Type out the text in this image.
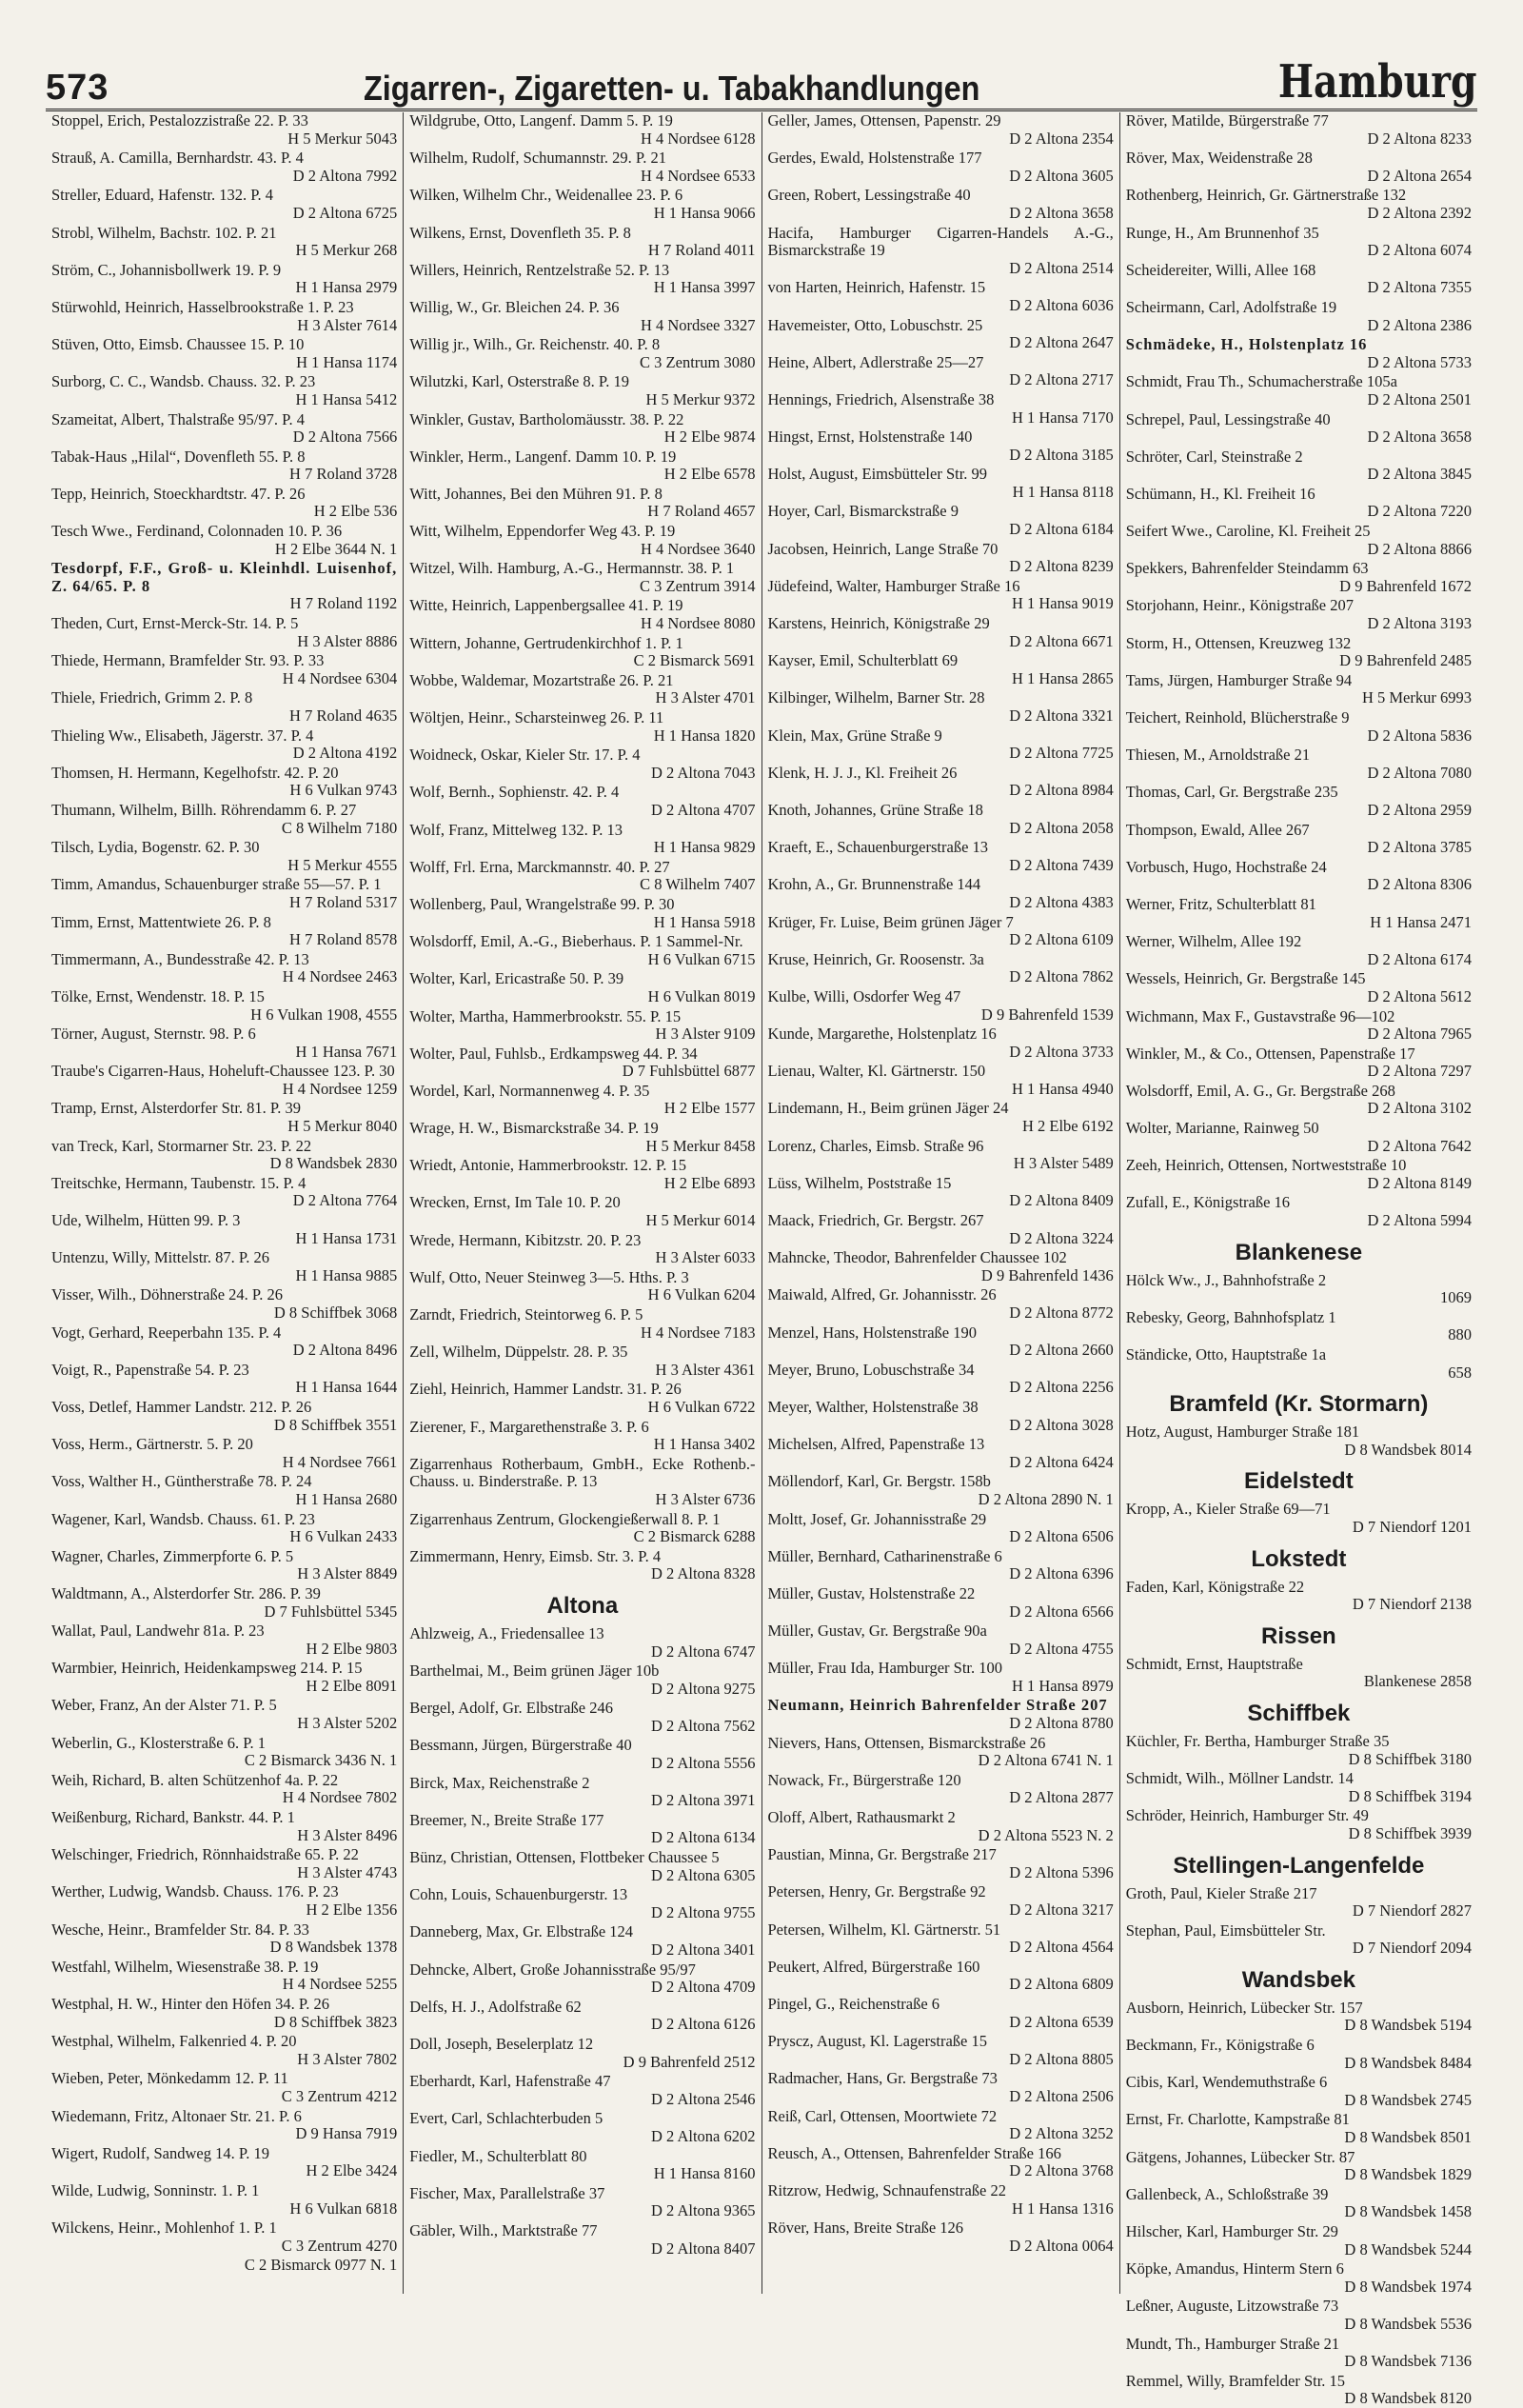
573	Zigarren-, Zigaretten- u. Tabakhandlungen	Hamburg
Stoppel, Erich, Pestalozzistraße 22. P. 33
H 5 Merkur 5043
Strauß, A. Camilla, Bernhardstr. 43. P. 4
D 2 Altona 7992
Streller, Eduard, Hafenstr. 132. P. 4
D 2 Altona 6725
Strobl, Wilhelm, Bachstr. 102. P. 21
H 5 Merkur 268
Ström, C., Johannisbollwerk 19. P. 9
H 1 Hansa 2979
Stürwohld, Heinrich, Hasselbrookstraße 1. P. 23
H 3 Alster 7614
Stüven, Otto, Eimsb. Chaussee 15. P. 10
H 1 Hansa 1174
Surborg, C. C., Wandsb. Chauss. 32. P. 23
H 1 Hansa 5412
Szameitat, Albert, Thalstraße 95/97. P. 4
D 2 Altona 7566
Tabak-Haus „Hilal“, Dovenfleth 55. P. 8
H 7 Roland 3728
Tepp, Heinrich, Stoeckhardtstr. 47. P. 26
H 2 Elbe 536
Tesch Wwe., Ferdinand, Colonnaden 10. P. 36
H 2 Elbe 3644 N. 1
Tesdorpf, F.F., Groß- u. Kleinhdl. Luisenhof, Z. 64/65. P. 8
H 7 Roland 1192
Theden, Curt, Ernst-Merck-Str. 14. P. 5
H 3 Alster 8886
Thiede, Hermann, Bramfelder Str. 93. P. 33
H 4 Nordsee 6304
Thiele, Friedrich, Grimm 2. P. 8
H 7 Roland 4635
Thieling Ww., Elisabeth, Jägerstr. 37. P. 4
D 2 Altona 4192
Thomsen, H. Hermann, Kegelhofstr. 42. P. 20
H 6 Vulkan 9743
Thumann, Wilhelm, Billh. Röhrendamm 6. P. 27
C 8 Wilhelm 7180
Tilsch, Lydia, Bogenstr. 62. P. 30
H 5 Merkur 4555
Timm, Amandus, Schauenburger straße 55—57. P. 1
H 7 Roland 5317
Timm, Ernst, Mattentwiete 26. P. 8
H 7 Roland 8578
Timmermann, A., Bundesstraße 42. P. 13
H 4 Nordsee 2463
Tölke, Ernst, Wendenstr. 18. P. 15
H 6 Vulkan 1908, 4555
Törner, August, Sternstr. 98. P. 6
H 1 Hansa 7671
Traube's Cigarren-Haus, Hoheluft-Chaussee 123. P. 30
H 4 Nordsee 1259
Tramp, Ernst, Alsterdorfer Str. 81. P. 39
H 5 Merkur 8040
van Treck, Karl, Stormarner Str. 23. P. 22
D 8 Wandsbek 2830
Treitschke, Hermann, Taubenstr. 15. P. 4
D 2 Altona 7764
Ude, Wilhelm, Hütten 99. P. 3
H 1 Hansa 1731
Untenzu, Willy, Mittelstr. 87. P. 26
H 1 Hansa 9885
Visser, Wilh., Döhnerstraße 24. P. 26
D 8 Schiffbek 3068
Vogt, Gerhard, Reeperbahn 135. P. 4
D 2 Altona 8496
Voigt, R., Papenstraße 54. P. 23
H 1 Hansa 1644
Voss, Detlef, Hammer Landstr. 212. P. 26
D 8 Schiffbek 3551
Voss, Herm., Gärtnerstr. 5. P. 20
H 4 Nordsee 7661
Voss, Walther H., Güntherstraße 78. P. 24
H 1 Hansa 2680
Wagener, Karl, Wandsb. Chauss. 61. P. 23
H 6 Vulkan 2433
Wagner, Charles, Zimmerpforte 6. P. 5
H 3 Alster 8849
Waldtmann, A., Alsterdorfer Str. 286. P. 39
D 7 Fuhlsbüttel 5345
Wallat, Paul, Landwehr 81a. P. 23
H 2 Elbe 9803
Warmbier, Heinrich, Heidenkampsweg 214. P. 15
H 2 Elbe 8091
Weber, Franz, An der Alster 71. P. 5
H 3 Alster 5202
Weberlin, G., Klosterstraße 6. P. 1
C 2 Bismarck 3436 N. 1
Weih, Richard, B. alten Schützenhof 4a. P. 22
H 4 Nordsee 7802
Weißenburg, Richard, Bankstr. 44. P. 1
H 3 Alster 8496
Welschinger, Friedrich, Rönnhaidstraße 65. P. 22
H 3 Alster 4743
Werther, Ludwig, Wandsb. Chauss. 176. P. 23
H 2 Elbe 1356
Wesche, Heinr., Bramfelder Str. 84. P. 33
D 8 Wandsbek 1378
Westfahl, Wilhelm, Wiesenstraße 38. P. 19
H 4 Nordsee 5255
Westphal, H. W., Hinter den Höfen 34. P. 26
D 8 Schiffbek 3823
Westphal, Wilhelm, Falkenried 4. P. 20
H 3 Alster 7802
Wieben, Peter, Mönkedamm 12. P. 11
C 3 Zentrum 4212
Wiedemann, Fritz, Altonaer Str. 21. P. 6
D 9 Hansa 7919
Wigert, Rudolf, Sandweg 14. P. 19
H 2 Elbe 3424
Wilde, Ludwig, Sonninstr. 1. P. 1
H 6 Vulkan 6818
Wilckens, Heinr., Mohlenhof 1. P. 1
C 3 Zentrum 4270
C 2 Bismarck 0977 N. 1
Wildgrube, Otto, Langenf. Damm 5. P. 19
H 4 Nordsee 6128
Wilhelm, Rudolf, Schumannstr. 29. P. 21
H 4 Nordsee 6533
Wilken, Wilhelm Chr., Weidenallee 23. P. 6
H 1 Hansa 9066
Wilkens, Ernst, Dovenfleth 35. P. 8
H 7 Roland 4011
Willers, Heinrich, Rentzelstraße 52. P. 13
H 1 Hansa 3997
Willig, W., Gr. Bleichen 24. P. 36
H 4 Nordsee 3327
Willig jr., Wilh., Gr. Reichenstr. 40. P. 8
C 3 Zentrum 3080
Wilutzki, Karl, Osterstraße 8. P. 19
H 5 Merkur 9372
Winkler, Gustav, Bartholomäusstr. 38. P. 22
H 2 Elbe 9874
Winkler, Herm., Langenf. Damm 10. P. 19
H 2 Elbe 6578
Witt, Johannes, Bei den Mühren 91. P. 8
H 7 Roland 4657
Witt, Wilhelm, Eppendorfer Weg 43. P. 19
H 4 Nordsee 3640
Witzel, Wilh. Hamburg, A.-G., Hermannstr. 38. P. 1
C 3 Zentrum 3914
Witte, Heinrich, Lappenbergsallee 41. P. 19
H 4 Nordsee 8080
Wittern, Johanne, Gertrudenkirchhof 1. P. 1
C 2 Bismarck 5691
Wobbe, Waldemar, Mozartstraße 26. P. 21
H 3 Alster 4701
Wöltjen, Heinr., Scharsteinweg 26. P. 11
H 1 Hansa 1820
Woidneck, Oskar, Kieler Str. 17. P. 4
D 2 Altona 7043
Wolf, Bernh., Sophienstr. 42. P. 4
D 2 Altona 4707
Wolf, Franz, Mittelweg 132. P. 13
H 1 Hansa 9829
Wolff, Frl. Erna, Marckmannstr. 40. P. 27
C 8 Wilhelm 7407
Wollenberg, Paul, Wrangelstraße 99. P. 30
H 1 Hansa 5918
Wolsdorff, Emil, A.-G., Bieberhaus. P. 1 Sammel-Nr.
H 6 Vulkan 6715
Wolter, Karl, Ericastraße 50. P. 39
H 6 Vulkan 8019
Wolter, Martha, Hammerbrookstr. 55. P. 15
H 3 Alster 9109
Wolter, Paul, Fuhlsb., Erdkampsweg 44. P. 34
D 7 Fuhlsbüttel 6877
Wordel, Karl, Normannenweg 4. P. 35
H 2 Elbe 1577
Wrage, H. W., Bismarckstraße 34. P. 19
H 5 Merkur 8458
Wriedt, Antonie, Hammerbrookstr. 12. P. 15
H 2 Elbe 6893
Wrecken, Ernst, Im Tale 10. P. 20
H 5 Merkur 6014
Wrede, Hermann, Kibitzstr. 20. P. 23
H 3 Alster 6033
Wulf, Otto, Neuer Steinweg 3—5. Hths. P. 3
H 6 Vulkan 6204
Zarndt, Friedrich, Steintorweg 6. P. 5
H 4 Nordsee 7183
Zell, Wilhelm, Düppelstr. 28. P. 35
H 3 Alster 4361
Ziehl, Heinrich, Hammer Landstr. 31. P. 26
H 6 Vulkan 6722
Zierener, F., Margarethenstraße 3. P. 6
H 1 Hansa 3402
Zigarrenhaus Rotherbaum, GmbH., Ecke Rothenb.-Chauss. u. Binderstraße. P. 13
H 3 Alster 6736
Zigarrenhaus Zentrum, Glockengießerwall 8. P. 1
C 2 Bismarck 6288
Zimmermann, Henry, Eimsb. Str. 3. P. 4
D 2 Altona 8328
Altona
Ahlzweig, A., Friedensallee 13
D 2 Altona 6747
Barthelmai, M., Beim grünen Jäger 10b
D 2 Altona 9275
Bergel, Adolf, Gr. Elbstraße 246
D 2 Altona 7562
Bessmann, Jürgen, Bürgerstraße 40
D 2 Altona 5556
Birck, Max, Reichenstraße 2
D 2 Altona 3971
Breemer, N., Breite Straße 177
D 2 Altona 6134
Bünz, Christian, Ottensen, Flottbeker Chaussee 5
D 2 Altona 6305
Cohn, Louis, Schauenburgerstr. 13
D 2 Altona 9755
Danneberg, Max, Gr. Elbstraße 124
D 2 Altona 3401
Dehncke, Albert, Große Johannisstraße 95/97
D 2 Altona 4709
Delfs, H. J., Adolfstraße 62
D 2 Altona 6126
Doll, Joseph, Beselerplatz 12
D 9 Bahrenfeld 2512
Eberhardt, Karl, Hafenstraße 47
D 2 Altona 2546
Evert, Carl, Schlachterbuden 5
D 2 Altona 6202
Fiedler, M., Schulterblatt 80
H 1 Hansa 8160
Fischer, Max, Parallelstraße 37
D 2 Altona 9365
Gäbler, Wilh., Marktstraße 77
D 2 Altona 8407
Geller, James, Ottensen, Papenstr. 29
D 2 Altona 2354
Gerdes, Ewald, Holstenstraße 177
D 2 Altona 3605
Green, Robert, Lessingstraße 40
D 2 Altona 3658
Hacifa, Hamburger Cigarren-Handels A.-G., Bismarckstraße 19
D 2 Altona 2514
von Harten, Heinrich, Hafenstr. 15
D 2 Altona 6036
Havemeister, Otto, Lobuschstr. 25
D 2 Altona 2647
Heine, Albert, Adlerstraße 25—27
D 2 Altona 2717
Hennings, Friedrich, Alsenstraße 38
H 1 Hansa 7170
Hingst, Ernst, Holstenstraße 140
D 2 Altona 3185
Holst, August, Eimsbütteler Str. 99
H 1 Hansa 8118
Hoyer, Carl, Bismarckstraße 9
D 2 Altona 6184
Jacobsen, Heinrich, Lange Straße 70
D 2 Altona 8239
Jüdefeind, Walter, Hamburger Straße 16
H 1 Hansa 9019
Karstens, Heinrich, Königstraße 29
D 2 Altona 6671
Kayser, Emil, Schulterblatt 69
H 1 Hansa 2865
Kilbinger, Wilhelm, Barner Str. 28
D 2 Altona 3321
Klein, Max, Grüne Straße 9
D 2 Altona 7725
Klenk, H. J. J., Kl. Freiheit 26
D 2 Altona 8984
Knoth, Johannes, Grüne Straße 18
D 2 Altona 2058
Kraeft, E., Schauenburgerstraße 13
D 2 Altona 7439
Krohn, A., Gr. Brunnenstraße 144
D 2 Altona 4383
Krüger, Fr. Luise, Beim grünen Jäger 7
D 2 Altona 6109
Kruse, Heinrich, Gr. Roosenstr. 3a
D 2 Altona 7862
Kulbe, Willi, Osdorfer Weg 47
D 9 Bahrenfeld 1539
Kunde, Margarethe, Holstenplatz 16
D 2 Altona 3733
Lienau, Walter, Kl. Gärtnerstr. 150
H 1 Hansa 4940
Lindemann, H., Beim grünen Jäger 24
H 2 Elbe 6192
Lorenz, Charles, Eimsb. Straße 96
H 3 Alster 5489
Lüss, Wilhelm, Poststraße 15
D 2 Altona 8409
Maack, Friedrich, Gr. Bergstr. 267
D 2 Altona 3224
Mahncke, Theodor, Bahrenfelder Chaussee 102
D 9 Bahrenfeld 1436
Maiwald, Alfred, Gr. Johannisstr. 26
D 2 Altona 8772
Menzel, Hans, Holstenstraße 190
D 2 Altona 2660
Meyer, Bruno, Lobuschstraße 34
D 2 Altona 2256
Meyer, Walther, Holstenstraße 38
D 2 Altona 3028
Michelsen, Alfred, Papenstraße 13
D 2 Altona 6424
Möllendorf, Karl, Gr. Bergstr. 158b
D 2 Altona 2890 N. 1
Moltt, Josef, Gr. Johannisstraße 29
D 2 Altona 6506
Müller, Bernhard, Catharinenstraße 6
D 2 Altona 6396
Müller, Gustav, Holstenstraße 22
D 2 Altona 6566
Müller, Gustav, Gr. Bergstraße 90a
D 2 Altona 4755
Müller, Frau Ida, Hamburger Str. 100
H 1 Hansa 8979
Neumann, Heinrich Bahrenfelder Straße 207
D 2 Altona 8780
Nievers, Hans, Ottensen, Bismarckstraße 26
D 2 Altona 6741 N. 1
Nowack, Fr., Bürgerstraße 120
D 2 Altona 2877
Oloff, Albert, Rathausmarkt 2
D 2 Altona 5523 N. 2
Paustian, Minna, Gr. Bergstraße 217
D 2 Altona 5396
Petersen, Henry, Gr. Bergstraße 92
D 2 Altona 3217
Petersen, Wilhelm, Kl. Gärtnerstr. 51
D 2 Altona 4564
Peukert, Alfred, Bürgerstraße 160
D 2 Altona 6809
Pingel, G., Reichenstraße 6
D 2 Altona 6539
Pryscz, August, Kl. Lagerstraße 15
D 2 Altona 8805
Radmacher, Hans, Gr. Bergstraße 73
D 2 Altona 2506
Reiß, Carl, Ottensen, Moortwiete 72
D 2 Altona 3252
Reusch, A., Ottensen, Bahrenfelder Straße 166
D 2 Altona 3768
Ritzrow, Hedwig, Schnaufenstraße 22
H 1 Hansa 1316
Röver, Hans, Breite Straße 126
D 2 Altona 0064
Röver, Matilde, Bürgerstraße 77
D 2 Altona 8233
Röver, Max, Weidenstraße 28
D 2 Altona 2654
Rothenberg, Heinrich, Gr. Gärtnerstraße 132
D 2 Altona 2392
Runge, H., Am Brunnenhof 35
D 2 Altona 6074
Scheidereiter, Willi, Allee 168
D 2 Altona 7355
Scheirmann, Carl, Adolfstraße 19
D 2 Altona 2386
Schmädeke, H., Holstenplatz 16
D 2 Altona 5733
Schmidt, Frau Th., Schumacherstraße 105a
D 2 Altona 2501
Schrepel, Paul, Lessingstraße 40
D 2 Altona 3658
Schröter, Carl, Steinstraße 2
D 2 Altona 3845
Schümann, H., Kl. Freiheit 16
D 2 Altona 7220
Seifert Wwe., Caroline, Kl. Freiheit 25
D 2 Altona 8866
Spekkers, Bahrenfelder Steindamm 63
D 9 Bahrenfeld 1672
Storjohann, Heinr., Königstraße 207
D 2 Altona 3193
Storm, H., Ottensen, Kreuzweg 132
D 9 Bahrenfeld 2485
Tams, Jürgen, Hamburger Straße 94
H 5 Merkur 6993
Teichert, Reinhold, Blücherstraße 9
D 2 Altona 5836
Thiesen, M., Arnoldstraße 21
D 2 Altona 7080
Thomas, Carl, Gr. Bergstraße 235
D 2 Altona 2959
Thompson, Ewald, Allee 267
D 2 Altona 3785
Vorbusch, Hugo, Hochstraße 24
D 2 Altona 8306
Werner, Fritz, Schulterblatt 81
H 1 Hansa 2471
Werner, Wilhelm, Allee 192
D 2 Altona 6174
Wessels, Heinrich, Gr. Bergstraße 145
D 2 Altona 5612
Wichmann, Max F., Gustavstraße 96—102
D 2 Altona 7965
Winkler, M., & Co., Ottensen, Papenstraße 17
D 2 Altona 7297
Wolsdorff, Emil, A. G., Gr. Bergstraße 268
D 2 Altona 3102
Wolter, Marianne, Rainweg 50
D 2 Altona 7642
Zeeh, Heinrich, Ottensen, Nortweststraße 10
D 2 Altona 8149
Zufall, E., Königstraße 16
D 2 Altona 5994
Blankenese
Hölck Ww., J., Bahnhofstraße 2
1069
Rebesky, Georg, Bahnhofsplatz 1
880
Ständicke, Otto, Hauptstraße 1a
658
Bramfeld (Kr. Stormarn)
Hotz, August, Hamburger Straße 181
D 8 Wandsbek 8014
Eidelstedt
Kropp, A., Kieler Straße 69—71
D 7 Niendorf 1201
Lokstedt
Faden, Karl, Königstraße 22
D 7 Niendorf 2138
Rissen
Schmidt, Ernst, Hauptstraße
Blankenese 2858
Schiffbek
Küchler, Fr. Bertha, Hamburger Straße 35
D 8 Schiffbek 3180
Schmidt, Wilh., Möllner Landstr. 14
D 8 Schiffbek 3194
Schröder, Heinrich, Hamburger Str. 49
D 8 Schiffbek 3939
Stellingen-Langenfelde
Groth, Paul, Kieler Straße 217
D 7 Niendorf 2827
Stephan, Paul, Eimsbütteler Str.
D 7 Niendorf 2094
Wandsbek
Ausborn, Heinrich, Lübecker Str. 157
D 8 Wandsbek 5194
Beckmann, Fr., Königstraße 6
D 8 Wandsbek 8484
Cibis, Karl, Wendemuthstraße 6
D 8 Wandsbek 2745
Ernst, Fr. Charlotte, Kampstraße 81
D 8 Wandsbek 8501
Gätgens, Johannes, Lübecker Str. 87
D 8 Wandsbek 1829
Gallenbeck, A., Schloßstraße 39
D 8 Wandsbek 1458
Hilscher, Karl, Hamburger Str. 29
D 8 Wandsbek 5244
Köpke, Amandus, Hinterm Stern 6
D 8 Wandsbek 1974
Leßner, Auguste, Litzowstraße 73
D 8 Wandsbek 5536
Mundt, Th., Hamburger Straße 21
D 8 Wandsbek 7136
Remmel, Willy, Bramfelder Str. 15
D 8 Wandsbek 8120
